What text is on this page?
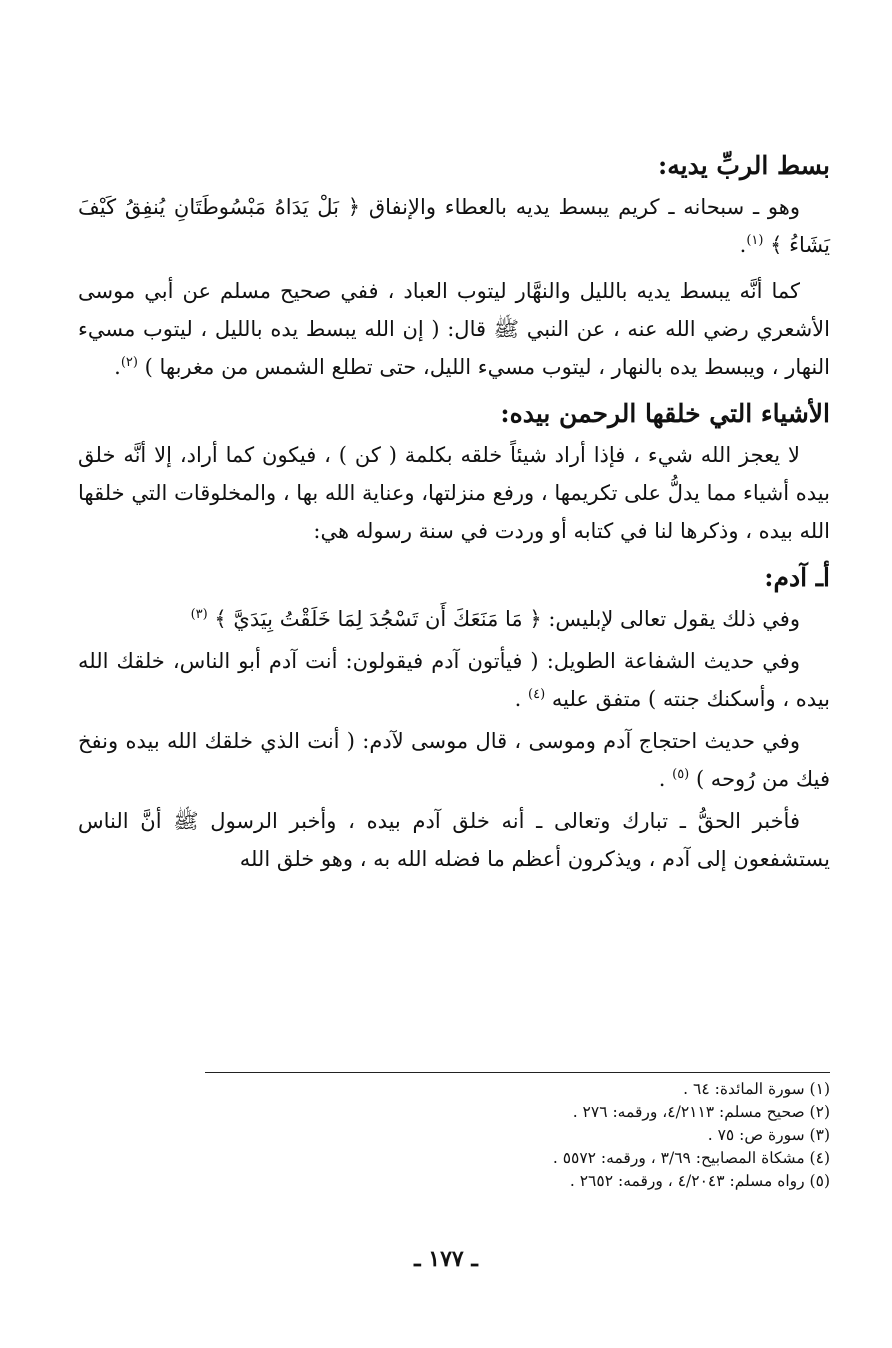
بسط الربِّ يديه:

وهو ـ سبحانه ـ كريم يبسط يديه بالعطاء والإنفاق ﴿ بَلْ يَدَاهُ مَبْسُوطَتَانِ يُنفِقُ كَيْفَ يَشَاءُ ﴾ $^{(١)}$.

كما أنَّه يبسط يديه بالليل والنهَّار ليتوب العباد ، ففي صحيح مسلم عن أبي موسى الأشعري رضي الله عنه ، عن النبي ﷺ قال: ( إن الله يبسط يده بالليل ، ليتوب مسيء النهار ، ويبسط يده بالنهار ، ليتوب مسيء الليل، حتى تطلع الشمس من مغربها ) $^{(٢)}$.

الأشياء التي خلقها الرحمن بيده:

لا يعجز الله شيء ، فإذا أراد شيئاً خلقه بكلمة ( كن ) ، فيكون كما أراد، إلا أنَّه خلق بيده أشياء مما يدلُّ على تكريمها ، ورفع منزلتها، وعناية الله بها ، والمخلوقات التي خلقها الله بيده ، وذكرها لنا في كتابه أو وردت في سنة رسوله هي:

أـ آدم:

وفي ذلك يقول تعالى لإبليس: ﴿ مَا مَنَعَكَ أَن تَسْجُدَ لِمَا خَلَقْتُ بِيَدَيَّ ﴾ $^{(٣)}$

وفي حديث الشفاعة الطويل: ( فيأتون آدم فيقولون: أنت آدم أبو الناس، خلقك الله بيده ، وأسكنك جنته ) متفق عليه $^{(٤)}$ .

وفي حديث احتجاج آدم وموسى ، قال موسى لآدم: ( أنت الذي خلقك الله بيده ونفخ فيك من رُوحه ) $^{(٥)}$ .

فأخبر الحقُّ ـ تبارك وتعالى ـ أنه خلق آدم بيده ، وأخبر الرسول ﷺ أنَّ الناس يستشفعون إلى آدم ، ويذكرون أعظم ما فضله الله به ، وهو خلق الله

(١) سورة المائدة: ٦٤ .

(٢) صحيح مسلم: ٤/٢١١٣، ورقمه: ٢٧٦ .

(٣) سورة ص: ٧٥ .

(٤) مشكاة المصابيح: ٣/٦٩ ، ورقمه: ٥٥٧٢ .

(٥) رواه مسلم: ٤/٢٠٤٣ ، ورقمه: ٢٦٥٢ .

ـ ١٧٧ ـ
